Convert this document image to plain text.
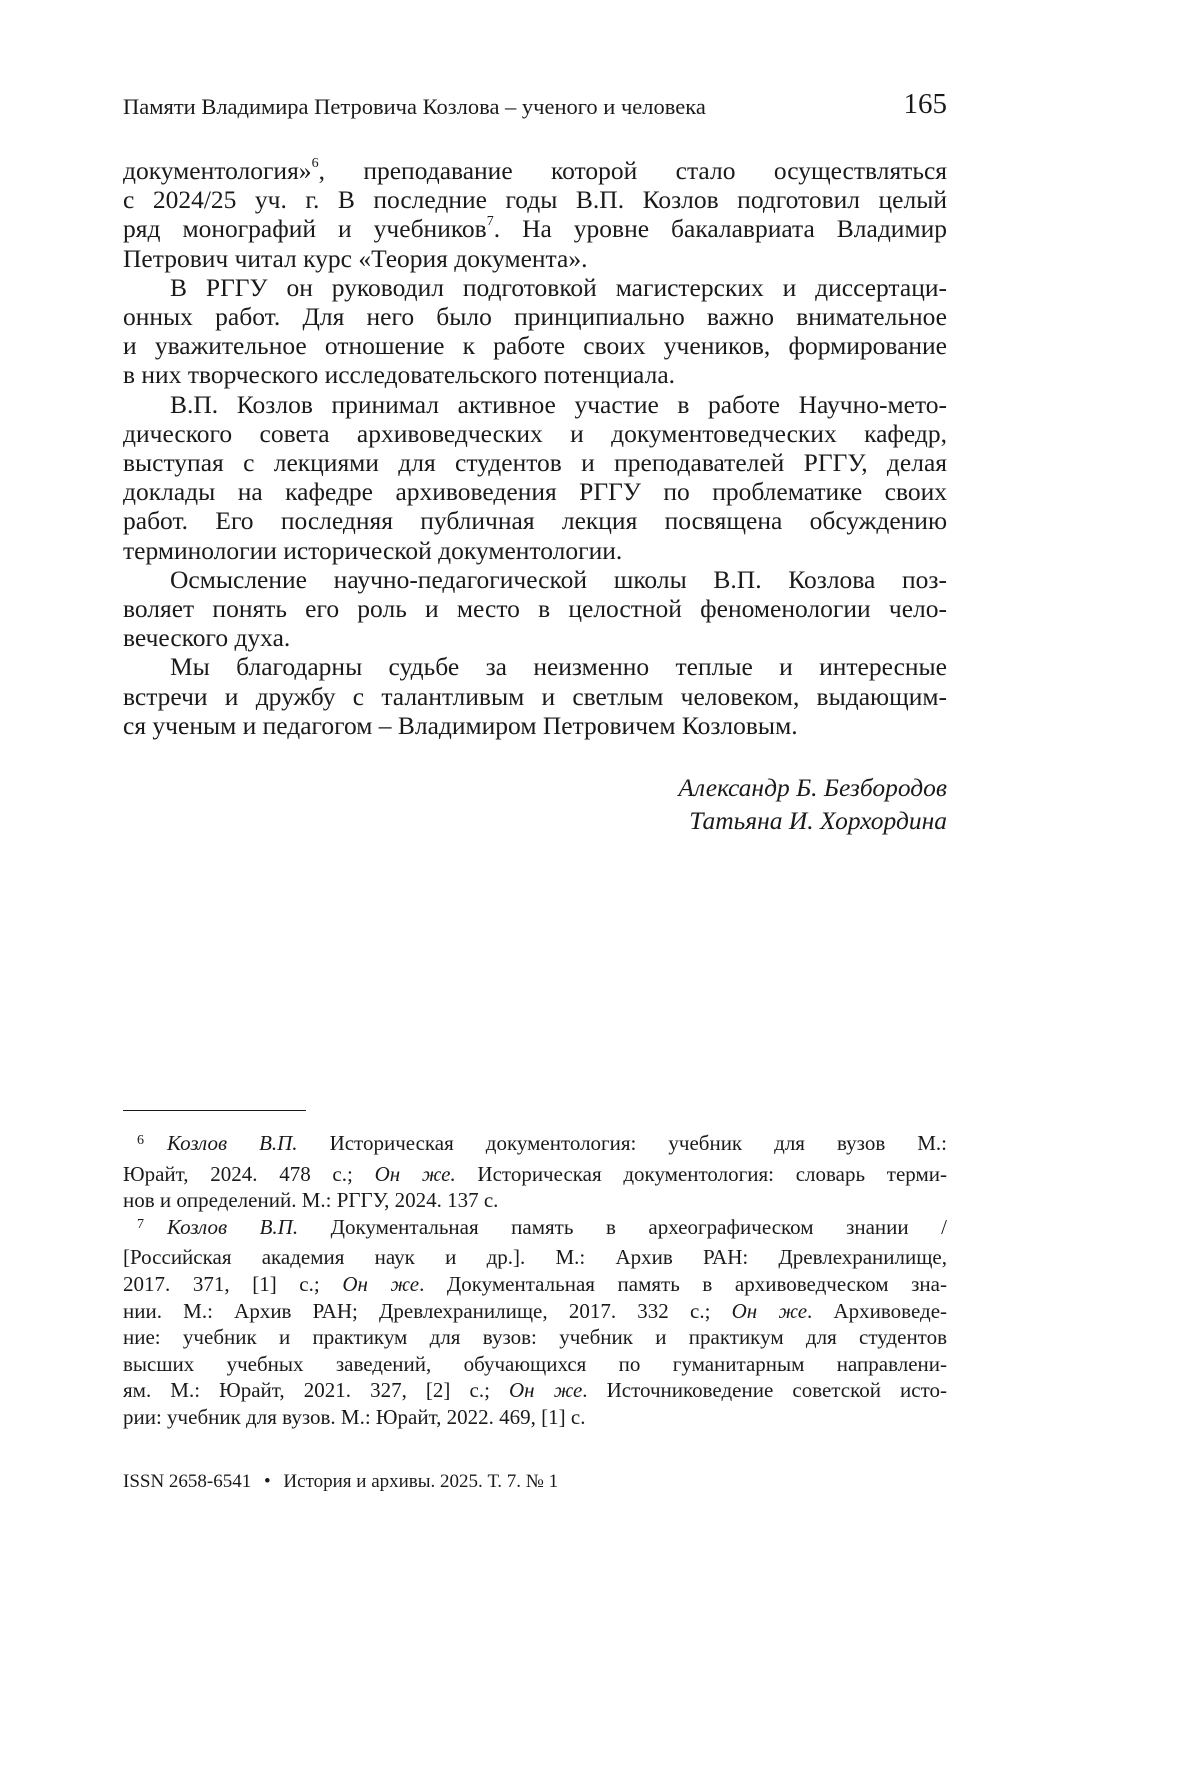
Памяти Владимира Петровича Козлова – ученого и человека	165

документология»$^6$, преподавание которой стало осуществляться
с 2024/25 уч. г. В последние годы В.П. Козлов подготовил целый
ряд монографий и учебников$^7$. На уровне бакалавриата Владимир
Петрович читал курс «Теория документа».

В РГГУ он руководил подготовкой магистерских и диссертаци-
онных работ. Для него было принципиально важно внимательное
и уважительное отношение к работе своих учеников, формирование
в них творческого исследовательского потенциала.

В.П. Козлов принимал активное участие в работе Научно-мето-
дического совета архивоведческих и документоведческих кафедр,
выступая с лекциями для студентов и преподавателей РГГУ, делая
доклады на кафедре архивоведения РГГУ по проблематике своих
работ. Его последняя публичная лекция посвящена обсуждению
терминологии исторической документологии.

Осмысление научно-педагогической школы В.П. Козлова поз-
воляет понять его роль и место в целостной феноменологии чело-
веческого духа.

Мы благодарны судьбе за неизменно теплые и интересные
встречи и дружбу с талантливым и светлым человеком, выдающим-
ся ученым и педагогом – Владимиром Петровичем Козловым.

Александр Б. Безбородов
Татьяна И. Хорхордина

6 Козлов В.П. Историческая документология: учебник для вузов М.:
Юрайт, 2024. 478 с.; Он же. Историческая документология: словарь терми-
нов и определений. М.: РГГУ, 2024. 137 с.

7 Козлов В.П. Документальная память в археографическом знании /
[Российская академия наук и др.]. М.: Архив РАН: Древлехранилище,
2017. 371, [1] с.; Он же. Документальная память в архивоведческом зна-
нии. М.: Архив РАН; Древлехранилище, 2017. 332 с.; Он же. Архивоведе-
ние: учебник и практикум для вузов: учебник и практикум для студентов
высших учебных заведений, обучающихся по гуманитарным направлени-
ям. М.: Юрайт, 2021. 327, [2] с.; Он же. Источниковедение советской исто-
рии: учебник для вузов. М.: Юрайт, 2022. 469, [1] с.

ISSN 2658-6541 • История и архивы. 2025. Т. 7. № 1
